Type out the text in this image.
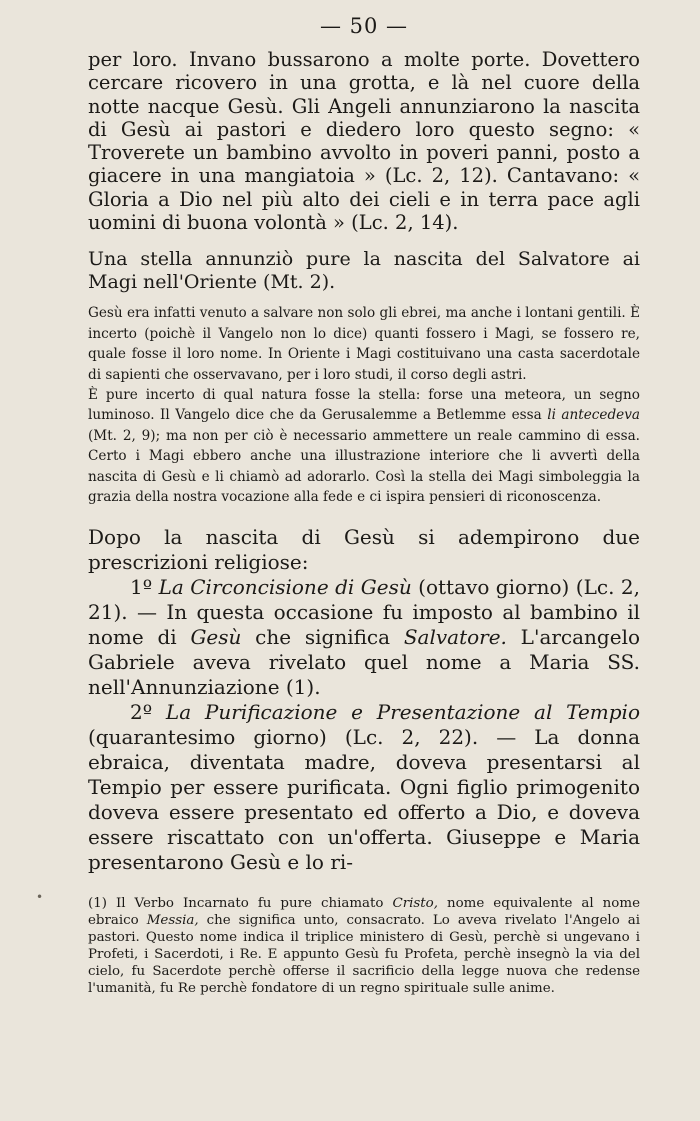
— 50 —

per loro. Invano bussarono a molte porte. Dovettero cercare ricovero in una grotta, e là nel cuore della notte nacque Gesù. Gli Angeli annunziarono la nascita di Gesù ai pastori e diedero loro questo segno: « Troverete un bambino avvolto in poveri panni, posto a giacere in una mangiatoia » (Lc. 2, 12). Cantavano: « Gloria a Dio nel più alto dei cieli e in terra pace agli uomini di buona volontà » (Lc. 2, 14).

Una stella annunziò pure la nascita del Salvatore ai Magi nell'Oriente (Mt. 2).

Gesù era infatti venuto a salvare non solo gli ebrei, ma anche i lontani gentili. È incerto (poichè il Vangelo non lo dice) quanti fossero i Magi, se fossero re, quale fosse il loro nome. In Oriente i Magi costituivano una casta sacerdotale di sapienti che osservavano, per i loro studi, il corso degli astri.

È pure incerto di qual natura fosse la stella: forse una meteora, un segno luminoso. Il Vangelo dice che da Gerusalemme a Betlemme essa li antecedeva (Mt. 2, 9); ma non per ciò è necessario ammettere un reale cammino di essa. Certo i Magi ebbero anche una illustrazione interiore che li avvertì della nascita di Gesù e li chiamò ad adorarlo. Così la stella dei Magi simboleggia la grazia della nostra vocazione alla fede e ci ispira pensieri di riconoscenza.

Dopo la nascita di Gesù si adempirono due prescrizioni religiose:

1º La Circoncisione di Gesù (ottavo giorno) (Lc. 2, 21). — In questa occasione fu imposto al bambino il nome di Gesù che significa Salvatore. L'arcangelo Gabriele aveva rivelato quel nome a Maria SS. nell'Annunziazione (1).

2º La Purificazione e Presentazione al Tempio (quarantesimo giorno) (Lc. 2, 22). — La donna ebraica, diventata madre, doveva presentarsi al Tempio per essere purificata. Ogni figlio primogenito doveva essere presentato ed offerto a Dio, e doveva essere riscattato con un'offerta. Giuseppe e Maria presentarono Gesù e lo ri-

•	(1) Il Verbo Incarnato fu pure chiamato Cristo, nome equivalente al nome ebraico Messia, che significa unto, consacrato. Lo aveva rivelato l'Angelo ai pastori. Questo nome indica il triplice ministero di Gesù, perchè si ungevano i Profeti, i Sacerdoti, i Re. E appunto Gesù fu Profeta, perchè insegnò la via del cielo, fu Sacerdote perchè offerse il sacrificio della legge nuova che redense l'umanità, fu Re perchè fondatore di un regno spirituale sulle anime.
